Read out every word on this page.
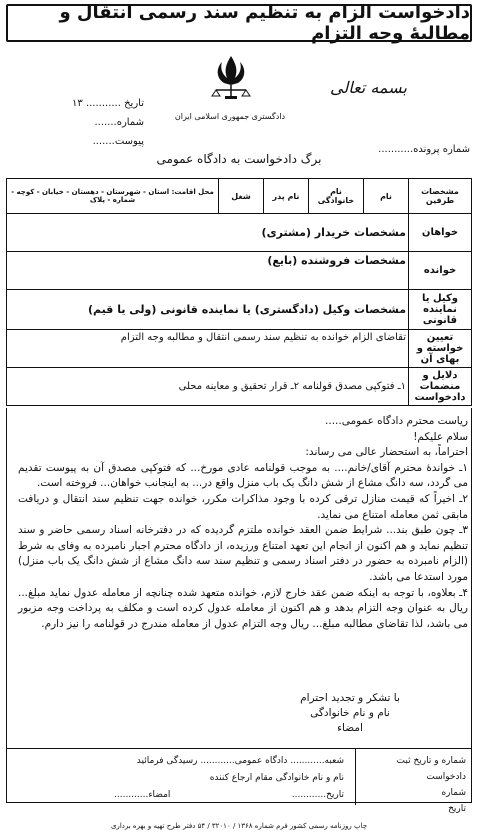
دادخواست الزام به تنظیم سند رسمی انتقال و مطالبۀ وجه التزام
دادگستری جمهوری اسلامی ایران
بسمه تعالی
تاریخ ........... ۱۳
شماره.......
پیوست.......
شماره پرونده...........
برگ دادخواست به دادگاه عمومی
مشخصات طرفین	نام	نام خانوادگی	نام پدر	شغل	محل اقامت: استان - شهرستان - دهستان - خیابان - کوچه - شماره - پلاک
خواهان	مشخصات خریدار (مشتری)				
خوانده	مشخصات فروشنده (بایع)				
وکیل یا نماینده قانونی	مشخصات وکیل (دادگستری) یا نماینده قانونی (ولی یا قیم)				
تعیین خواسته و بهای آن	تقاضای الزام خوانده به تنظیم سند رسمی انتقال و مطالبه وجه التزام				
دلایل و منضمات دادخواست	۱ـ فتوکپی مصدق قولنامه ۲ـ قرار تحقیق و معاینه محلی				

ریاست محترم دادگاه عمومی.....

سلام علیکم!

احتراماً، به استحضار عالی می رساند:

۱ـ خواندۀ محترم آقای/خانم.... به موجب قولنامه عادی مورخ... که فتوکپی مصدق آن به پیوست تقدیم می گردد، سه دانگ مشاع از شش دانگ یک باب منزل واقع در... به اینجانب خواهان... فروخته است.

۲ـ اخیراً که قیمت منازل ترقی کرده با وجود مذاکرات مکرر، خوانده جهت تنظیم سند انتقال و دریافت مابقی ثمن معامله امتناع می نماید.

۳ـ چون طبق بند... شرایط ضمن العقد خوانده ملتزم گردیده که در دفترخانه اسناد رسمی حاضر و سند تنظیم نماید و هم اکنون از انجام این تعهد امتناع ورزیده، از دادگاه محترم اجبار نامبرده به وفای به شرط (الزام نامبرده به حضور در دفتر اسناد رسمی و تنظیم سند سه دانگ مشاع از شش دانگ یک باب منزل) مورد استدعا می باشد.

۴ـ بعلاوه، با توجه به اینکه ضمن عقد خارج لازم، خوانده متعهد شده چنانچه از معامله عدول نماید مبلغ... ریال به عنوان وجه التزام بدهد و هم اکنون از معامله عدول کرده است و مکلف به پرداخت وجه مزبور می باشد، لذا تقاضای مطالبه مبلغ... ریال وجه التزام عدول از معامله مندرج در قولنامه را نیز دارم.

با تشکر و تجدید احترام
نام و نام خانوادگی
امضاء
شماره و تاریخ ثبت دادخواست
شماره
تاریخ
شعبه............ دادگاه عمومی............ رسیدگی فرمائید
نام و نام خانوادگی مقام ارجاع کننده
تاریخ............
امضاء............
چاپ روزنامه رسمی کشور فرم شماره ۱۳۶۸ / ۳۲۰۱۰ / ۵۴ دفتر طرح تهیه و بهره برداری
